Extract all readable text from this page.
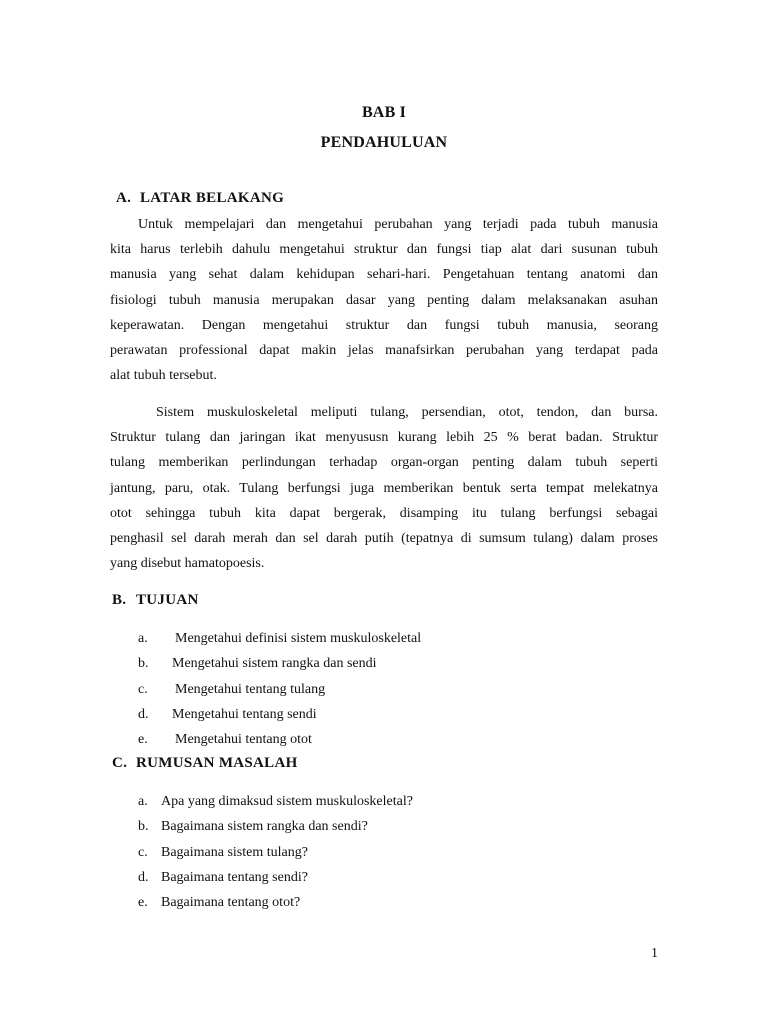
BAB I
PENDAHULUAN
A. LATAR BELAKANG
Untuk mempelajari dan mengetahui perubahan yang terjadi pada tubuh manusia
kita harus terlebih dahulu mengetahui struktur dan fungsi tiap alat dari susunan tubuh
manusia yang sehat dalam kehidupan sehari-hari. Pengetahuan tentang anatomi dan
fisiologi tubuh manusia merupakan dasar yang penting dalam melaksanakan asuhan
keperawatan. Dengan mengetahui struktur dan fungsi tubuh manusia, seorang
perawatan professional dapat makin jelas manafsirkan perubahan yang terdapat pada
alat tubuh tersebut.
Sistem muskuloskeletal meliputi tulang, persendian, otot, tendon, dan bursa.
Struktur tulang dan jaringan ikat menyususn kurang lebih 25 % berat badan. Struktur
tulang memberikan perlindungan terhadap organ-organ penting dalam tubuh seperti
jantung, paru, otak. Tulang berfungsi juga memberikan bentuk serta tempat melekatnya
otot sehingga tubuh kita dapat bergerak, disamping itu tulang berfungsi sebagai
penghasil sel darah merah dan sel darah putih (tepatnya di sumsum tulang) dalam proses
yang disebut hamatopoesis.
B. TUJUAN
a. Mengetahui definisi sistem muskuloskeletal
b. Mengetahui sistem rangka dan sendi
c. Mengetahui tentang tulang
d. Mengetahui tentang sendi
e. Mengetahui tentang otot
C. RUMUSAN MASALAH
a. Apa yang dimaksud sistem muskuloskeletal?
b. Bagaimana sistem rangka dan sendi?
c. Bagaimana sistem tulang?
d. Bagaimana tentang sendi?
e. Bagaimana tentang otot?
1
